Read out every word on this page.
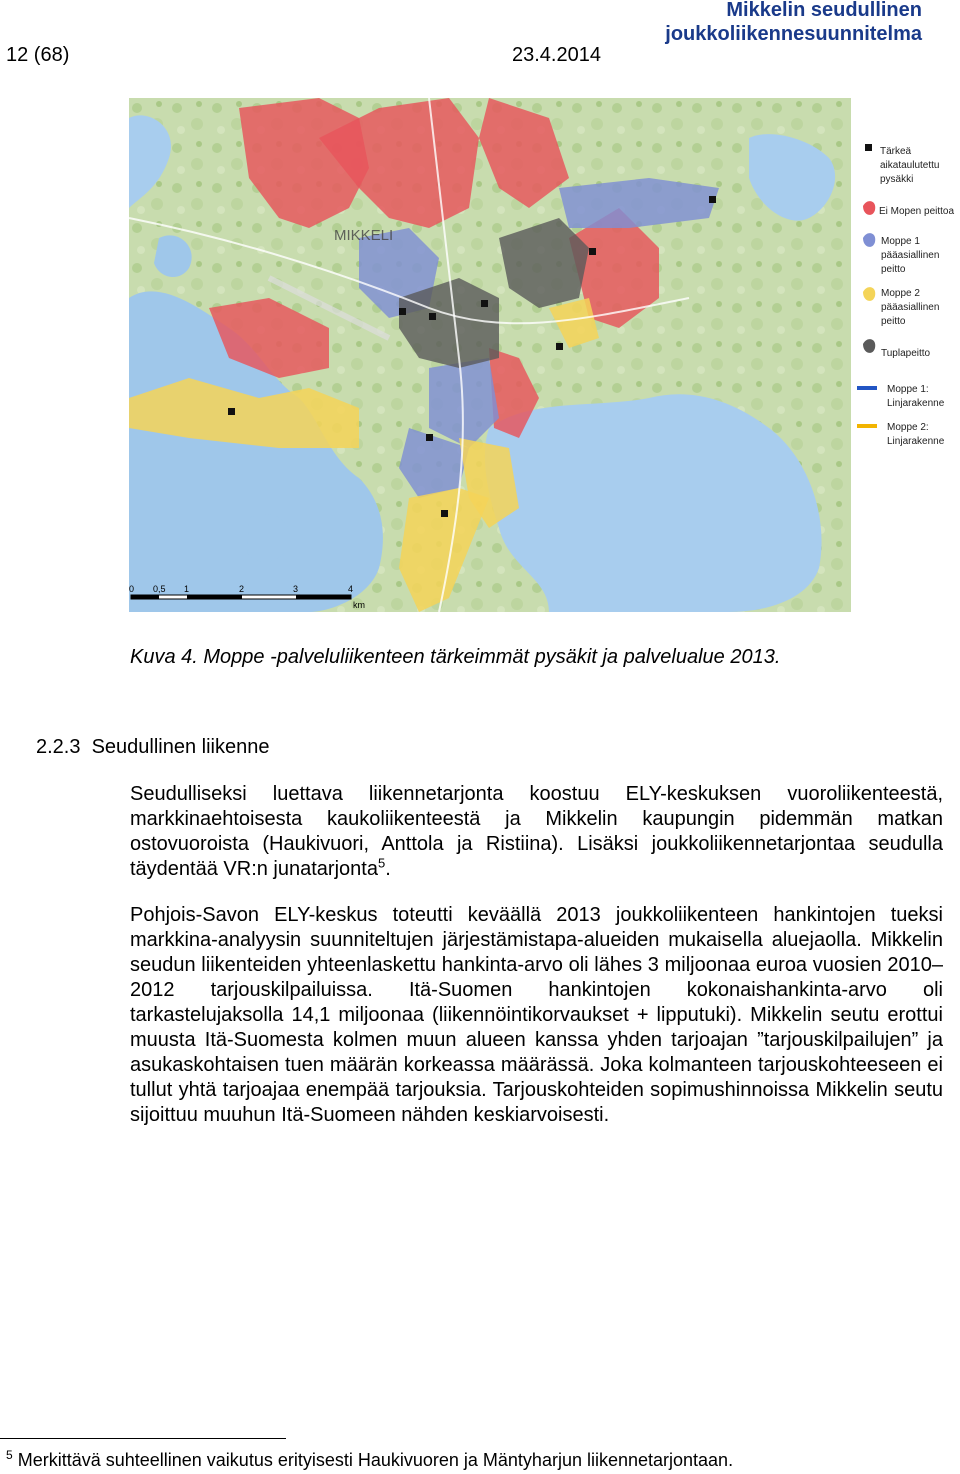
12 (68)	23.4.2014
Mikkelin seudullinen
joukkoliikennesuunnitelma
MIKKELI
0 0,5 1	2	3	4
km
Tärkeä
aikataulutettu
pysäkki
Ei Mopen peittoa
Moppe 1
pääasiallinen
peitto
Moppe 2
pääasiallinen
peitto
Tuplapeitto
Moppe 1:
Linjarakenne
Moppe 2:
Linjarakenne
Kuva 4. Moppe -palveluliikenteen tärkeimmät pysäkit ja palvelualue 2013.
2.2.3 Seudullinen liikenne
Seudulliseksi luettava liikennetarjonta koostuu ELY-keskuksen vuoroliikenteestä, markkinaehtoisesta kaukoliikenteestä ja Mikkelin kaupungin pidemmän matkan ostovuoroista (Haukivuori, Anttola ja Ristiina). Lisäksi joukkoliikennetarjontaa seudulla täydentää VR:n junatarjonta$^5$.
Pohjois-Savon ELY-keskus toteutti keväällä 2013 joukkoliikenteen hankintojen tueksi markkina-analyysin suunniteltujen järjestämistapa-alueiden mukaisella aluejaolla. Mikkelin seudun liikenteiden yhteenlaskettu hankinta-arvo oli lähes 3 miljoonaa euroa vuosien 2010–2012 tarjouskilpailuissa. Itä-Suomen hankintojen kokonaishankinta-arvo oli tarkastelujaksolla 14,1 miljoonaa (liikennöintikorvaukset + lipputuki). Mikkelin seutu erottui muusta Itä-Suomesta kolmen muun alueen kanssa yhden tarjoajan ”tarjouskilpailujen” ja asukaskohtaisen tuen määrän korkeassa määrässä. Joka kolmanteen tarjouskohteeseen ei tullut yhtä tarjoajaa enempää tarjouksia. Tarjouskohteiden sopimushinnoissa Mikkelin seutu sijoittuu muuhun Itä-Suomeen nähden keskiarvoisesti.
$^5$ Merkittävä suhteellinen vaikutus erityisesti Haukivuoren ja Mäntyharjun liikennetarjontaan.
